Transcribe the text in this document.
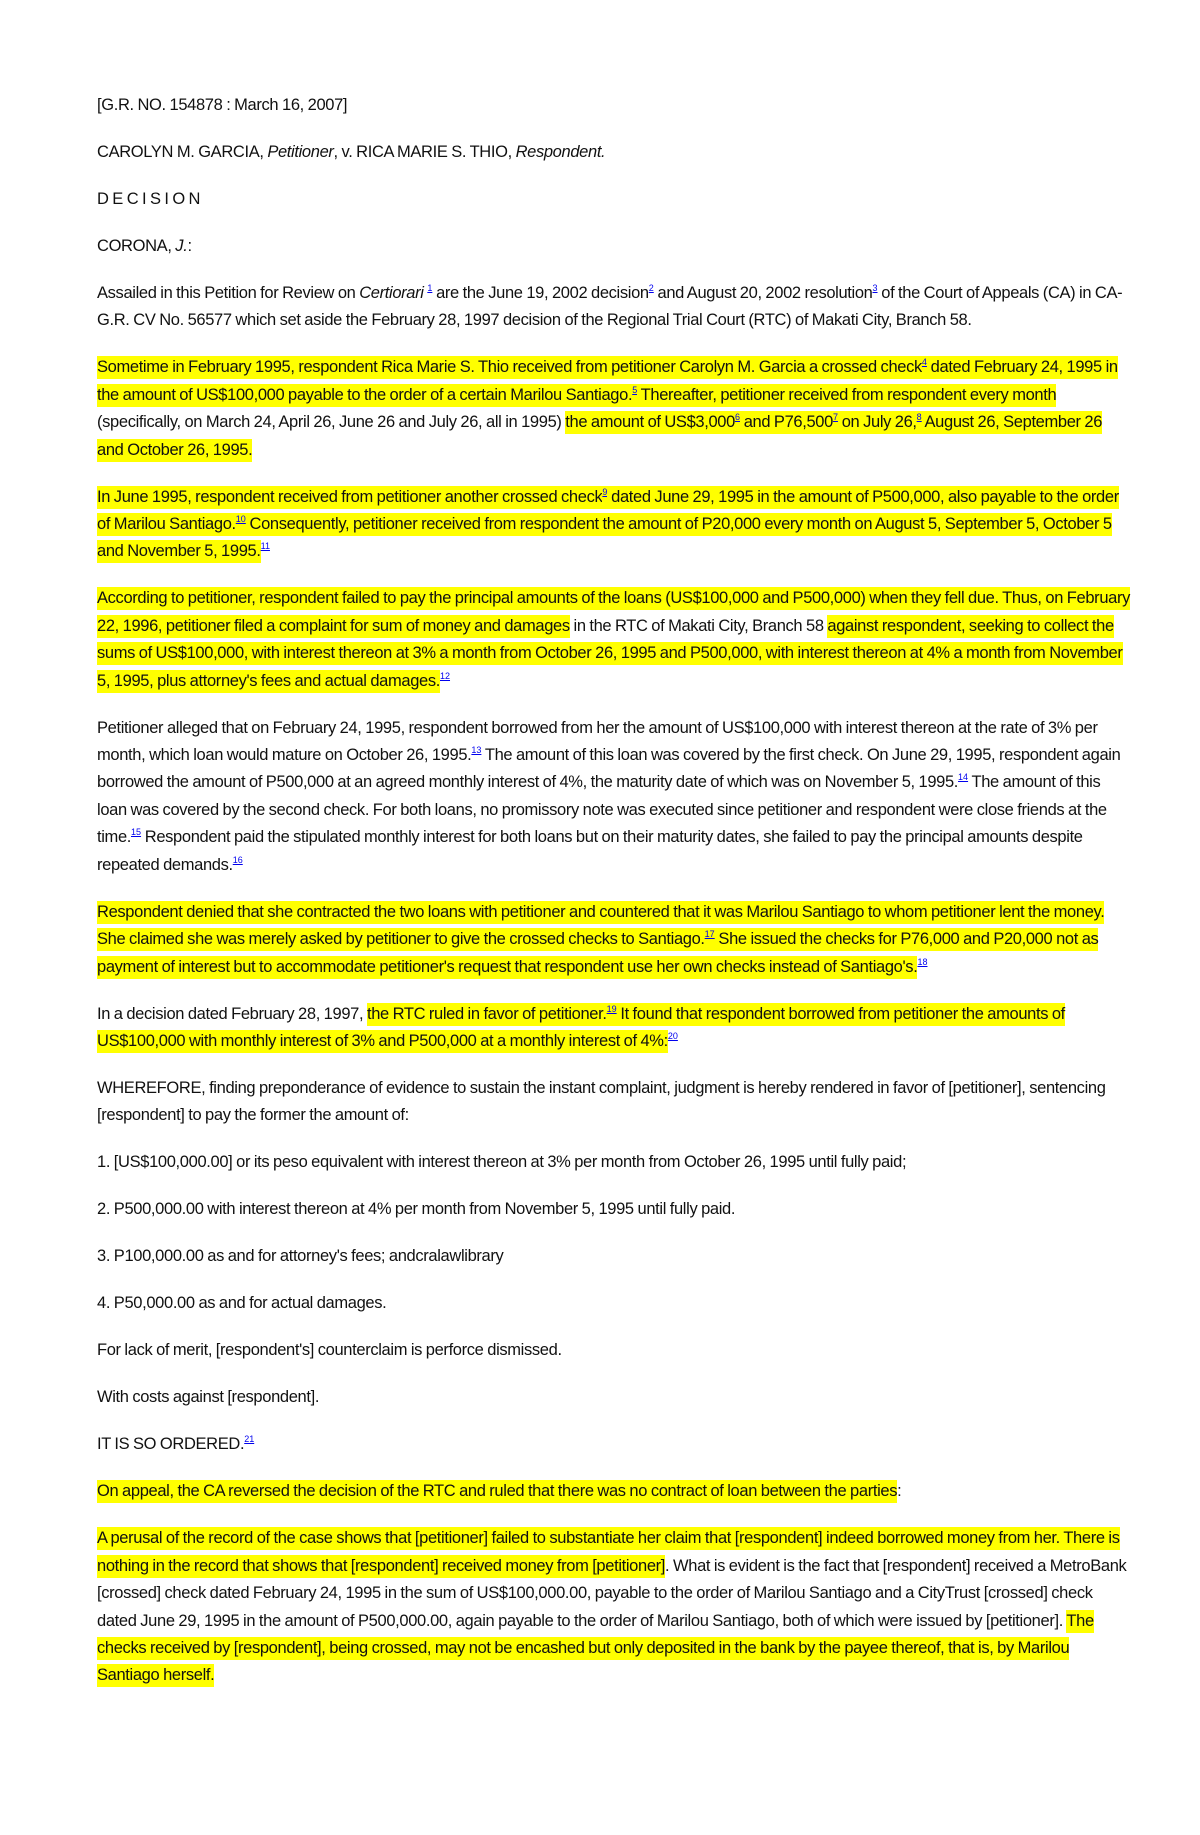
[G.R. NO. 154878 : March 16, 2007]

CAROLYN M. GARCIA, Petitioner, v. RICA MARIE S. THIO, Respondent.

D E C I S I O N

CORONA, J.:

Assailed in this Petition for Review on Certiorari $^1$ are the June 19, 2002 decision$^2$ and August 20, 2002 resolution$^3$ of the Court of Appeals (CA) in CA-G.R. CV No. 56577 which set aside the February 28, 1997 decision of the Regional Trial Court (RTC) of Makati City, Branch 58.

Sometime in February 1995, respondent Rica Marie S. Thio received from petitioner Carolyn M. Garcia a crossed check$^4$ dated February 24, 1995 in the amount of US$100,000 payable to the order of a certain Marilou Santiago.$^5$ Thereafter, petitioner received from respondent every month (specifically, on March 24, April 26, June 26 and July 26, all in 1995) the amount of US$3,000$^6$ and P76,500$^7$ on July 26,$^8$ August 26, September 26 and October 26, 1995.

In June 1995, respondent received from petitioner another crossed check$^9$ dated June 29, 1995 in the amount of P500,000, also payable to the order of Marilou Santiago.$^{10}$ Consequently, petitioner received from respondent the amount of P20,000 every month on August 5, September 5, October 5 and November 5, 1995.11

According to petitioner, respondent failed to pay the principal amounts of the loans (US$100,000 and P500,000) when they fell due. Thus, on February 22, 1996, petitioner filed a complaint for sum of money and damages in the RTC of Makati City, Branch 58 against respondent, seeking to collect the sums of US$100,000, with interest thereon at 3% a month from October 26, 1995 and P500,000, with interest thereon at 4% a month from November 5, 1995, plus attorney's fees and actual damages.$^{12}$

Petitioner alleged that on February 24, 1995, respondent borrowed from her the amount of US$100,000 with interest thereon at the rate of 3% per month, which loan would mature on October 26, 1995.13 The amount of this loan was covered by the first check. On June 29, 1995, respondent again borrowed the amount of P500,000 at an agreed monthly interest of 4%, the maturity date of which was on November 5, 1995.14 The amount of this loan was covered by the second check. For both loans, no promissory note was executed since petitioner and respondent were close friends at the time.$^{15}$ Respondent paid the stipulated monthly interest for both loans but on their maturity dates, she failed to pay the principal amounts despite repeated demands.$^{16}$

Respondent denied that she contracted the two loans with petitioner and countered that it was Marilou Santiago to whom petitioner lent the money. She claimed she was merely asked by petitioner to give the crossed checks to Santiago.$^{17}$ She issued the checks for P76,000 and P20,000 not as payment of interest but to accommodate petitioner's request that respondent use her own checks instead of Santiago's.$^{18}$

In a decision dated February 28, 1997, the RTC ruled in favor of petitioner.$^{19}$ It found that respondent borrowed from petitioner the amounts of US$100,000 with monthly interest of 3% and P500,000 at a monthly interest of 4%:$^{20}$

WHEREFORE, finding preponderance of evidence to sustain the instant complaint, judgment is hereby rendered in favor of [petitioner], sentencing [respondent] to pay the former the amount of:

1. [US$100,000.00] or its peso equivalent with interest thereon at 3% per month from October 26, 1995 until fully paid;

2. P500,000.00 with interest thereon at 4% per month from November 5, 1995 until fully paid.

3. P100,000.00 as and for attorney's fees; andcralawlibrary

4. P50,000.00 as and for actual damages.

For lack of merit, [respondent's] counterclaim is perforce dismissed.

With costs against [respondent].

IT IS SO ORDERED.$^{21}$

On appeal, the CA reversed the decision of the RTC and ruled that there was no contract of loan between the parties:

A perusal of the record of the case shows that [petitioner] failed to substantiate her claim that [respondent] indeed borrowed money from her. There is nothing in the record that shows that [respondent] received money from [petitioner]. What is evident is the fact that [respondent] received a MetroBank [crossed] check dated February 24, 1995 in the sum of US$100,000.00, payable to the order of Marilou Santiago and a CityTrust [crossed] check dated June 29, 1995 in the amount of P500,000.00, again payable to the order of Marilou Santiago, both of which were issued by [petitioner]. The checks received by [respondent], being crossed, may not be encashed but only deposited in the bank by the payee thereof, that is, by Marilou Santiago herself.
